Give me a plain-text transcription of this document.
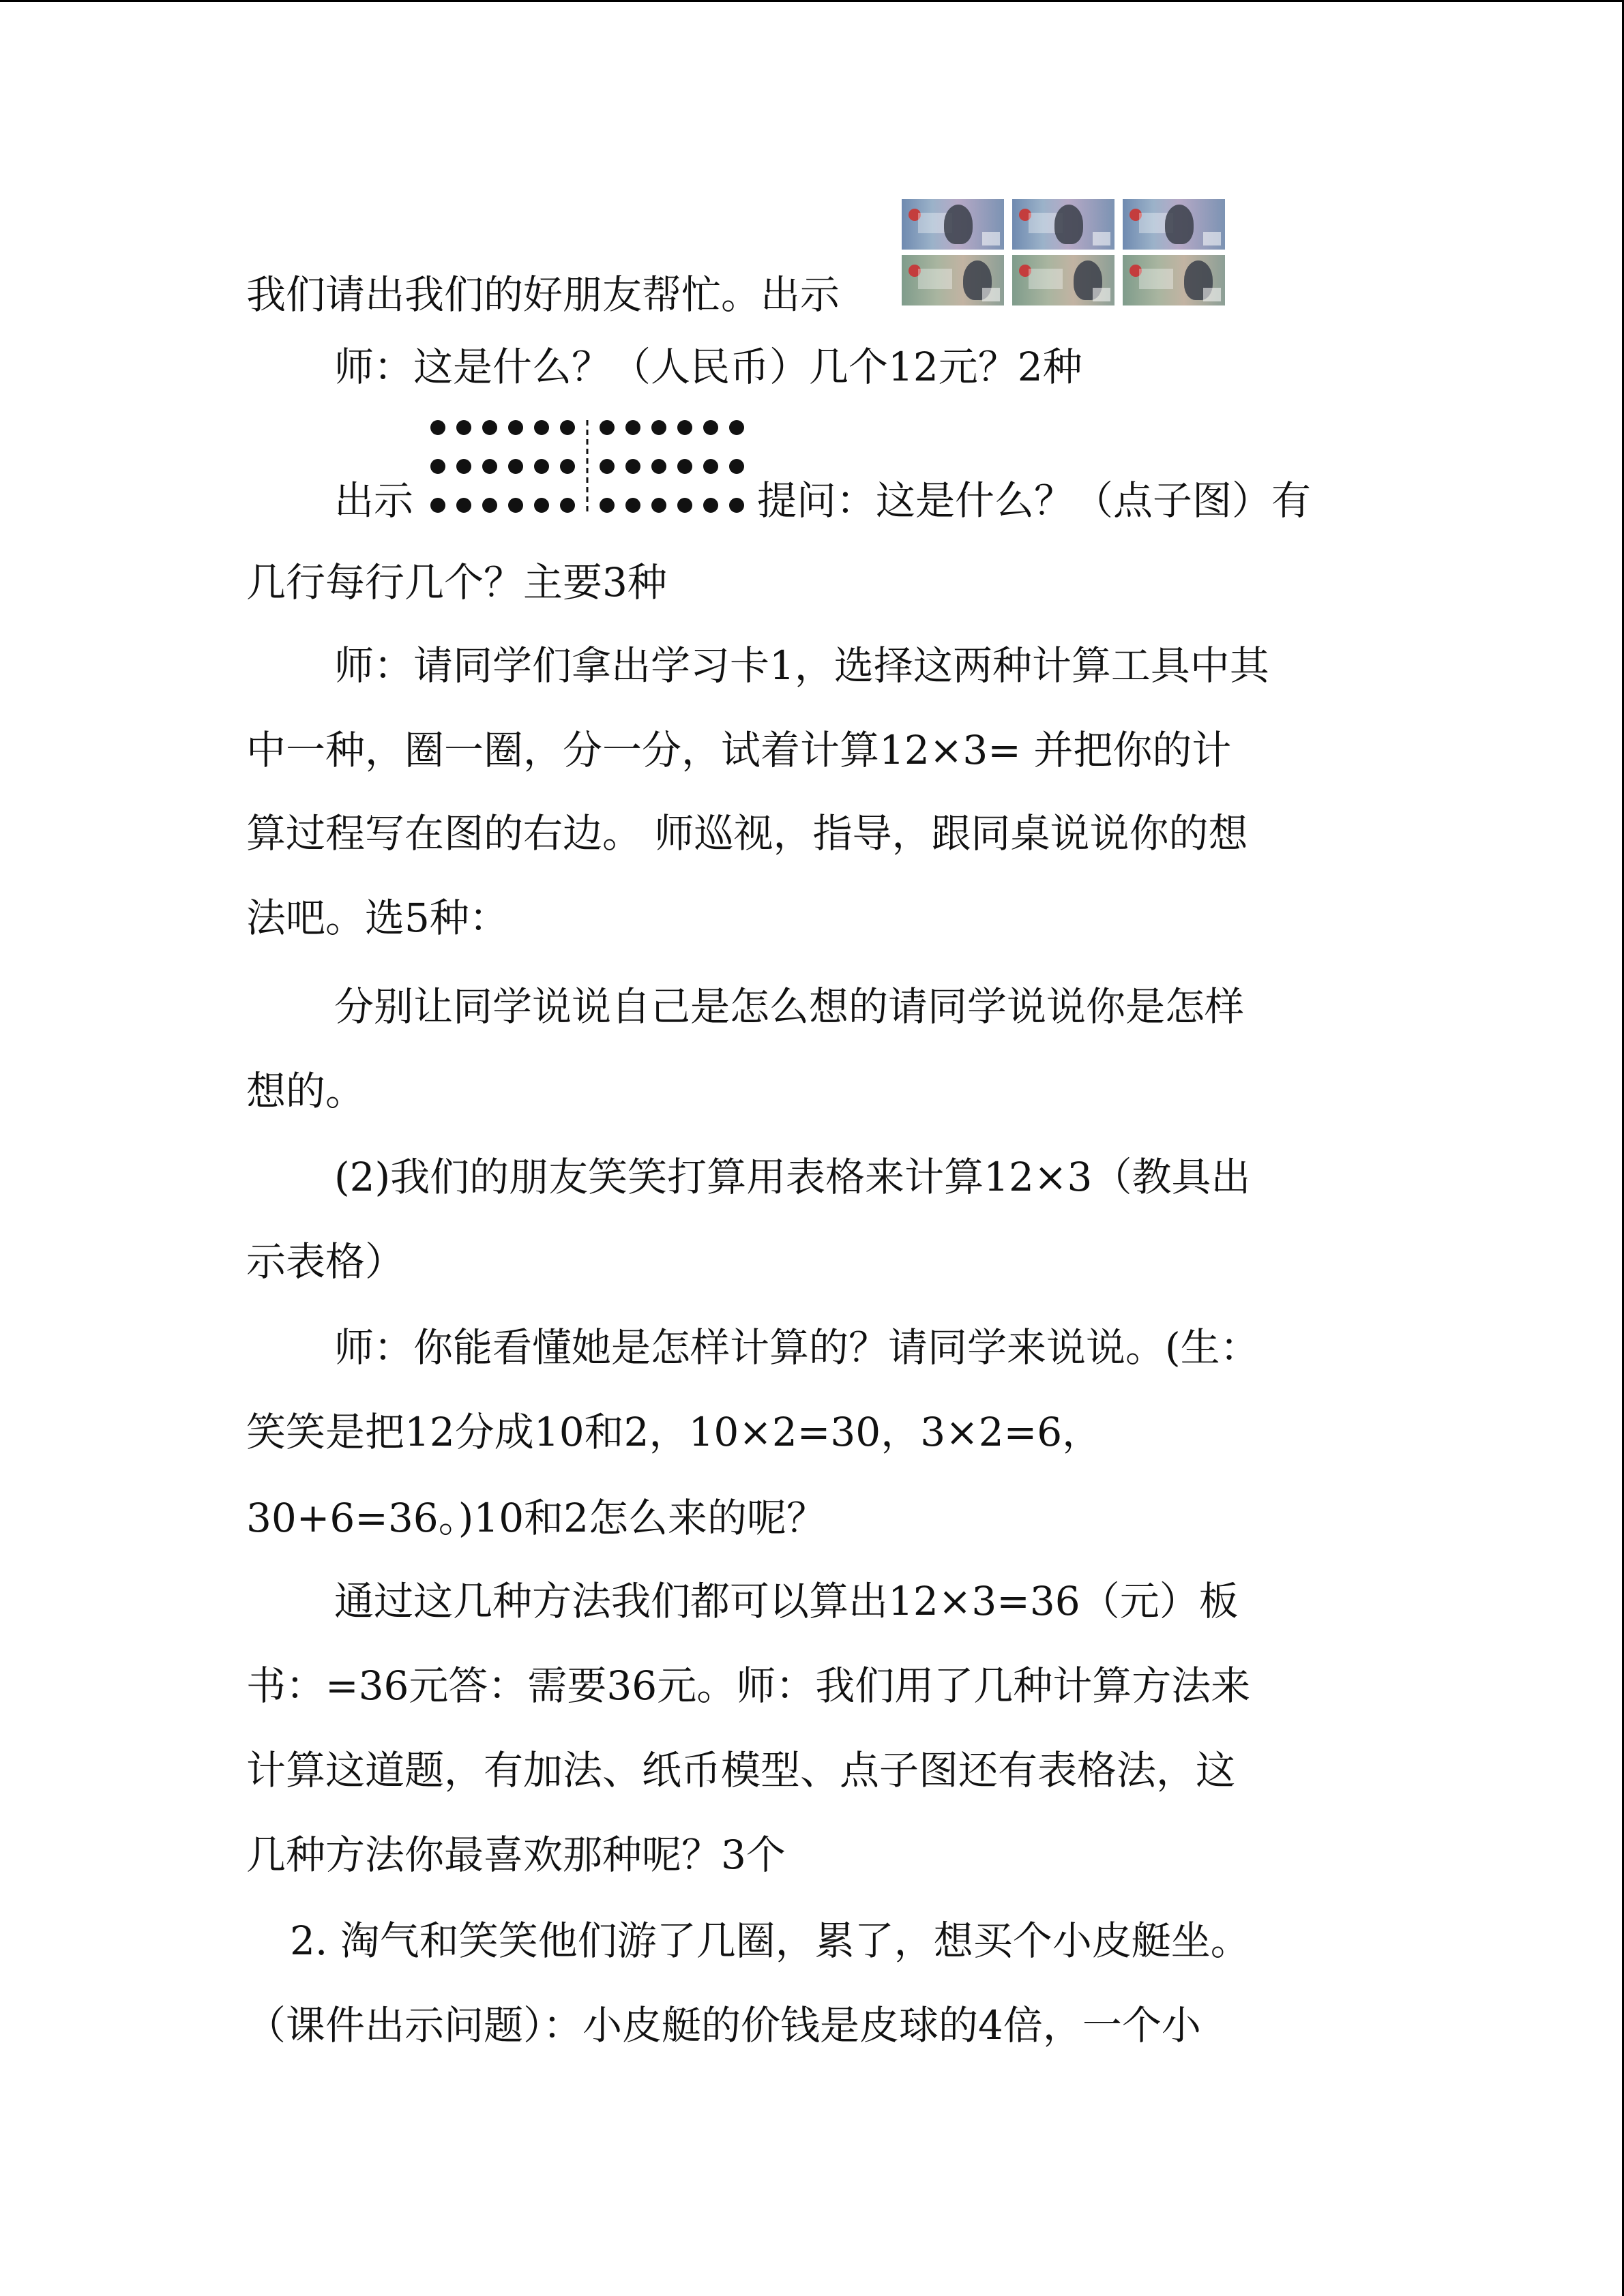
我们请出我们的好朋友帮忙。出示
师：这是什么？（人民币）几个12元？2种
出示	提问：这是什么？（点子图）有
几行每行几个？主要3种
师：请同学们拿出学习卡1，选择这两种计算工具中其
中一种，圈一圈，分一分，试着计算12×3= 并把你的计
算过程写在图的右边。 师巡视，指导，跟同桌说说你的想
法吧。选5种：
分别让同学说说自己是怎么想的请同学说说你是怎样
想的。
(2)我们的朋友笑笑打算用表格来计算12×3（教具出
示表格）
师：你能看懂她是怎样计算的？请同学来说说。(生：
笑笑是把12分成10和2，10×2=30，3×2=6，
30+6=36。)10和2怎么来的呢？
通过这几种方法我们都可以算出12×3=36（元）板
书：=36元答：需要36元。师：我们用了几种计算方法来
计算这道题，有加法、纸币模型、点子图还有表格法，这
几种方法你最喜欢那种呢？3个
2. 淘气和笑笑他们游了几圈，累了，想买个小皮艇坐。
（课件出示问题）：小皮艇的价钱是皮球的4倍，一个小
